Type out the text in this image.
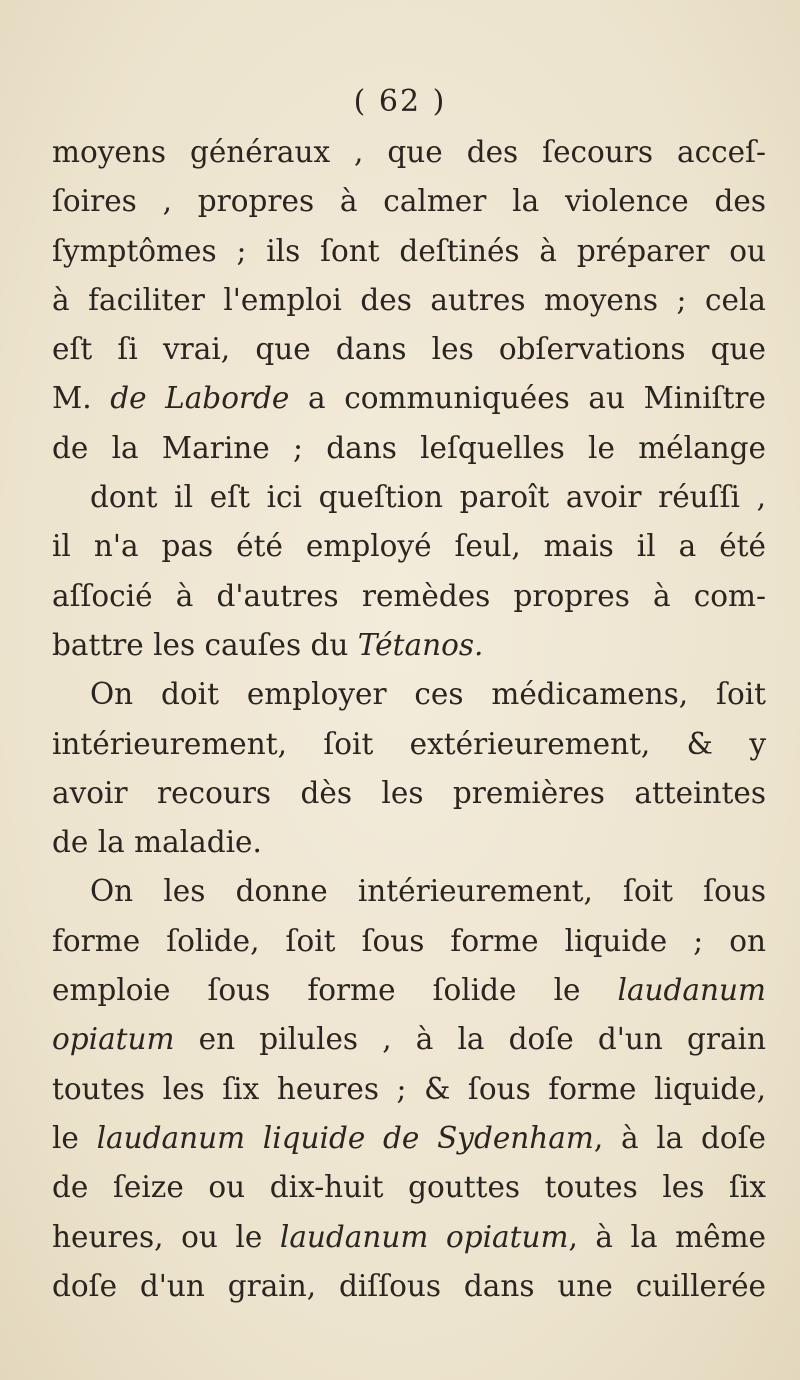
( 62 )
moyens généraux , que des ſecours acceſ-
ſoires , propres à calmer la violence des
ſymptômes ; ils ſont deſtinés à préparer ou
à faciliter l'emploi des autres moyens ; cela
eſt ſi vrai, que dans les obſervations que
M. de Laborde a communiquées au Miniſtre
de la Marine ; dans leſquelles le mélange
dont il eſt ici queſtion paroît avoir réuſſi ,
il n'a pas été employé ſeul, mais il a été
aſſocié à d'autres remèdes propres à com-
battre les cauſes du Tétanos.
On doit employer ces médicamens, ſoit
intérieurement, ſoit extérieurement, & y
avoir recours dès les premières atteintes
de la maladie.
On les donne intérieurement, ſoit ſous
forme ſolide, ſoit ſous forme liquide ; on
emploie ſous forme ſolide le laudanum
opiatum en pilules , à la doſe d'un grain
toutes les ſix heures ; & ſous forme liquide,
le laudanum liquide de Sydenham, à la doſe
de ſeize ou dix-huit gouttes toutes les ſix
heures, ou le laudanum opiatum, à la même
doſe d'un grain, diſſous dans une cuillerée
